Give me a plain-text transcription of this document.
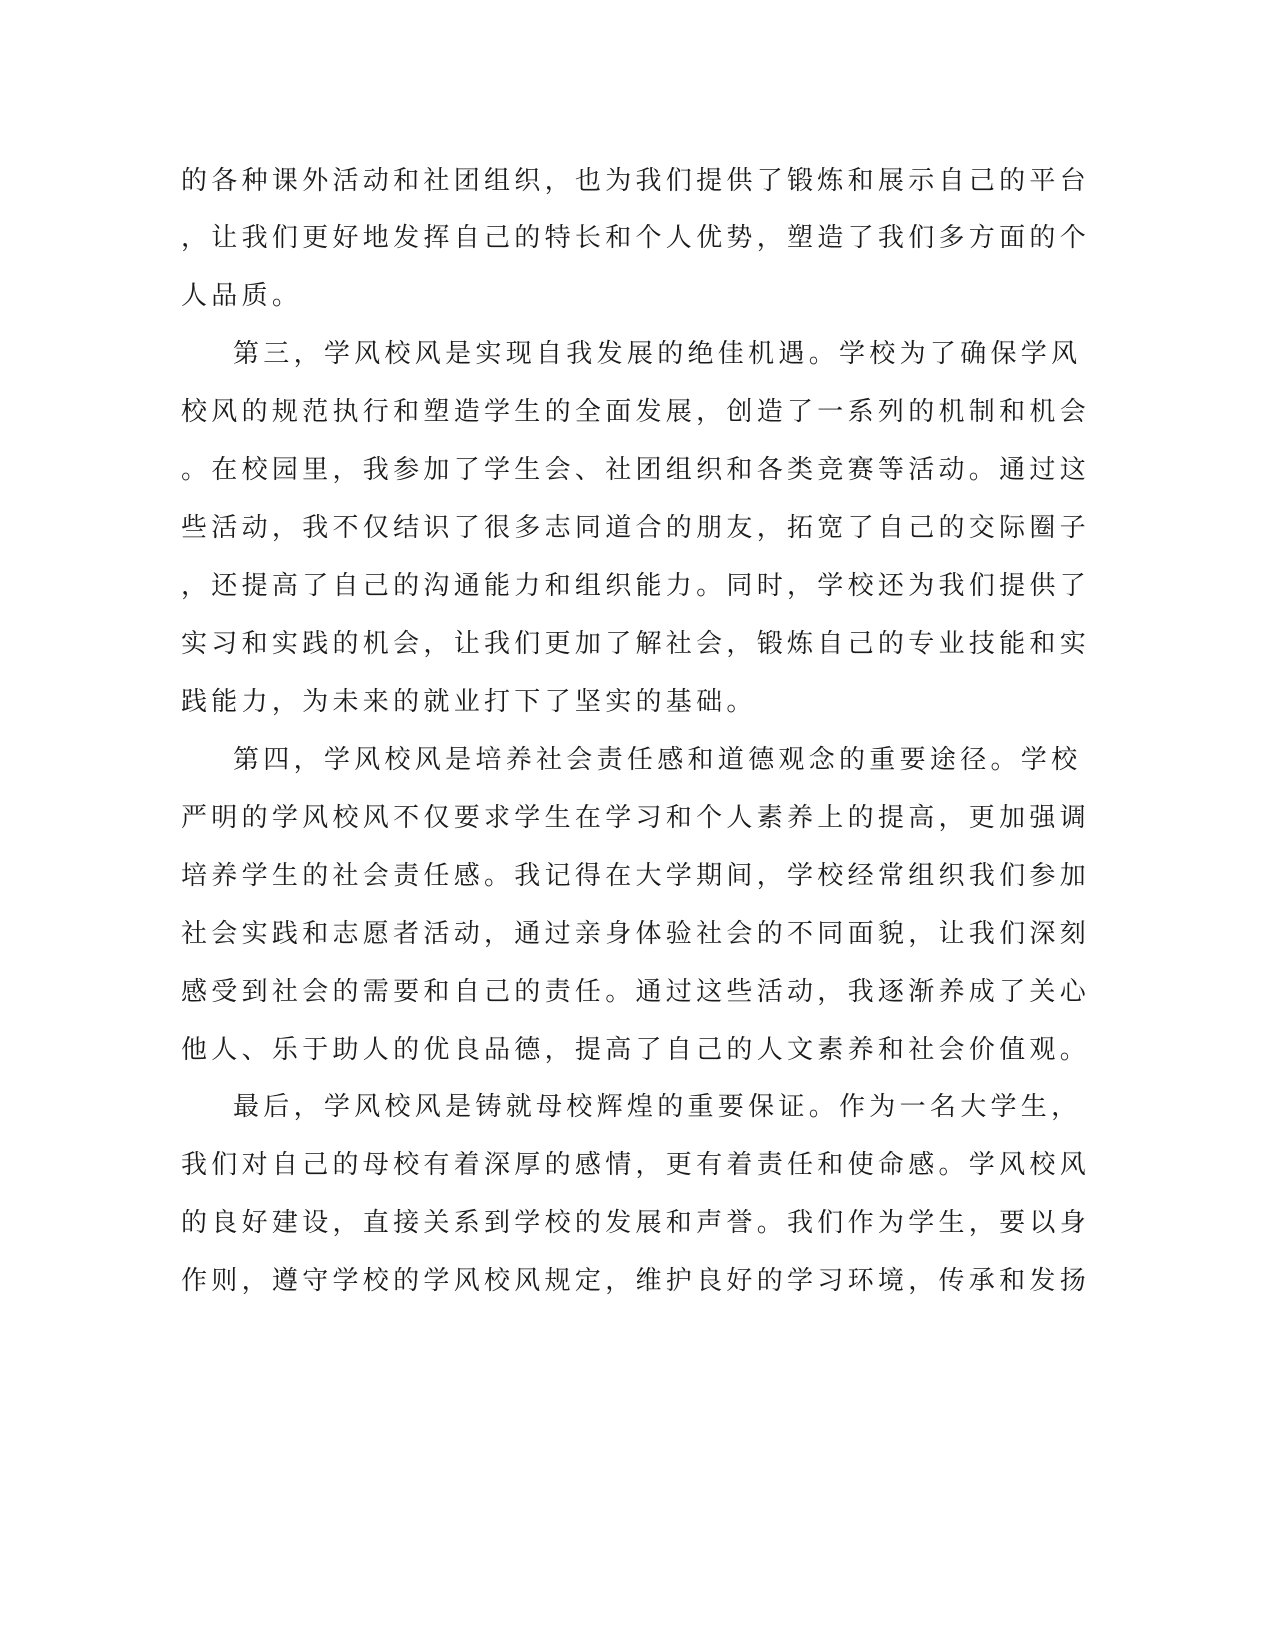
的各种课外活动和社团组织，也为我们提供了锻炼和展示自己的平台
，让我们更好地发挥自己的特长和个人优势，塑造了我们多方面的个
人品质。
第三，学风校风是实现自我发展的绝佳机遇。学校为了确保学风
校风的规范执行和塑造学生的全面发展，创造了一系列的机制和机会
。在校园里，我参加了学生会、社团组织和各类竞赛等活动。通过这
些活动，我不仅结识了很多志同道合的朋友，拓宽了自己的交际圈子
，还提高了自己的沟通能力和组织能力。同时，学校还为我们提供了
实习和实践的机会，让我们更加了解社会，锻炼自己的专业技能和实
践能力，为未来的就业打下了坚实的基础。
第四，学风校风是培养社会责任感和道德观念的重要途径。学校
严明的学风校风不仅要求学生在学习和个人素养上的提高，更加强调
培养学生的社会责任感。我记得在大学期间，学校经常组织我们参加
社会实践和志愿者活动，通过亲身体验社会的不同面貌，让我们深刻
感受到社会的需要和自己的责任。通过这些活动，我逐渐养成了关心
他人、乐于助人的优良品德，提高了自己的人文素养和社会价值观。
最后，学风校风是铸就母校辉煌的重要保证。作为一名大学生，
我们对自己的母校有着深厚的感情，更有着责任和使命感。学风校风
的良好建设，直接关系到学校的发展和声誉。我们作为学生，要以身
作则，遵守学校的学风校风规定，维护良好的学习环境，传承和发扬
